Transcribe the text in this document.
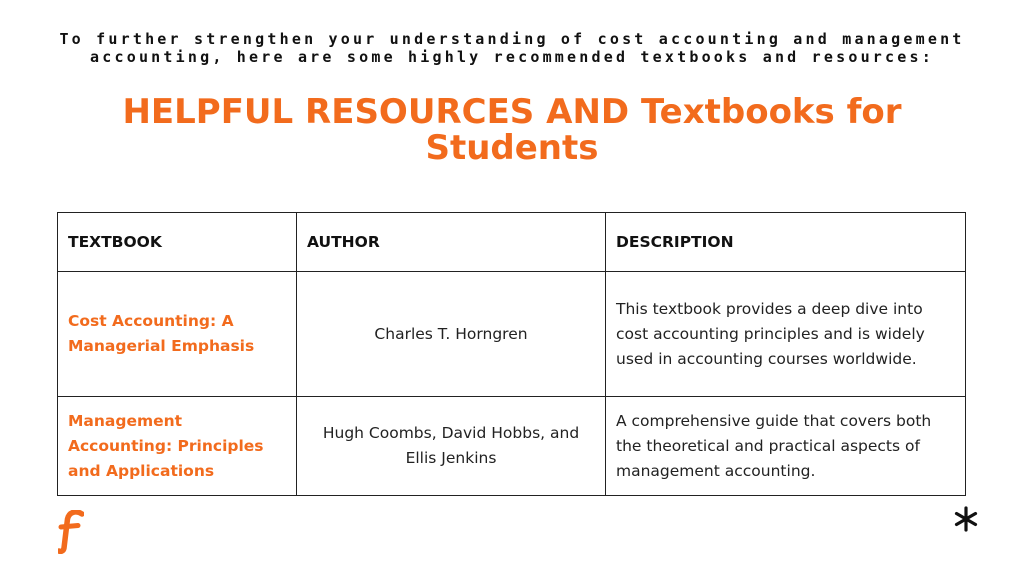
To further strengthen your understanding of cost accounting and management accounting, here are some highly recommended textbooks and resources:
HELPFUL RESOURCES AND Textbooks for Students
TEXTBOOK	AUTHOR	DESCRIPTION
Cost Accounting: A Managerial Emphasis	Charles T. Horngren	This textbook provides a deep dive into cost accounting principles and is widely used in accounting courses worldwide.
Management Accounting: Principles and Applications	Hugh Coombs, David Hobbs, and Ellis Jenkins	A comprehensive guide that covers both the theoretical and practical aspects of management accounting.
